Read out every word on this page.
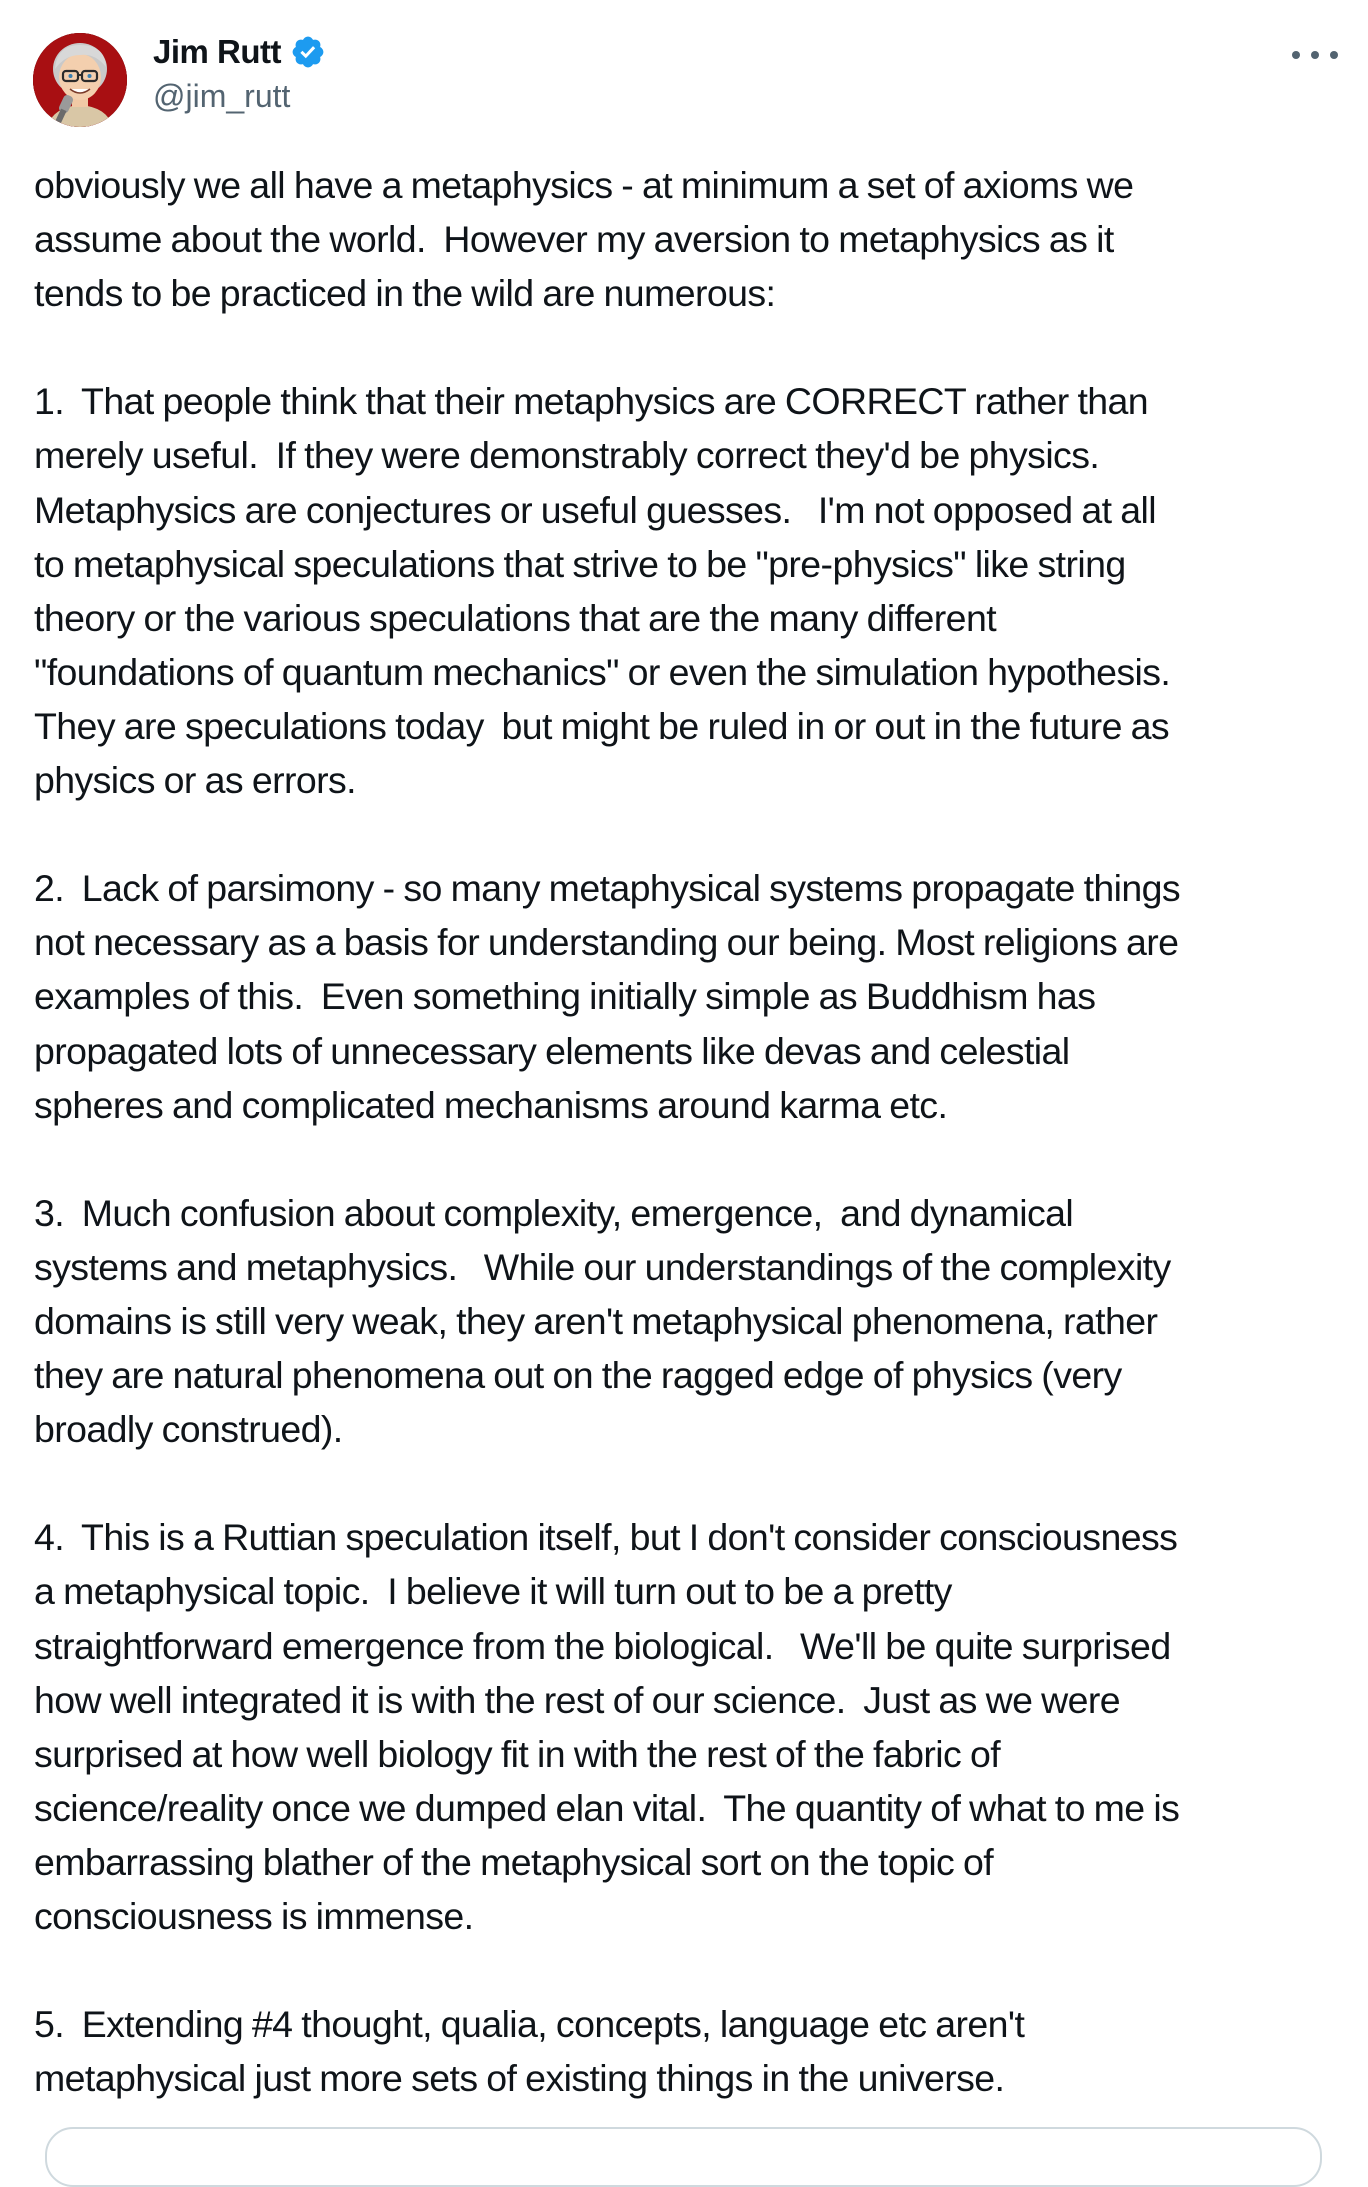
Jim Rutt
@jim_rutt
obviously we all have a metaphysics - at minimum a set of axioms we
assume about the world.  However my aversion to metaphysics as it
tends to be practiced in the wild are numerous:
1.  That people think that their metaphysics are CORRECT rather than
merely useful.  If they were demonstrably correct they'd be physics.
Metaphysics are conjectures or useful guesses.   I'm not opposed at all
to metaphysical speculations that strive to be "pre-physics" like string
theory or the various speculations that are the many different
"foundations of quantum mechanics" or even the simulation hypothesis.
They are speculations today  but might be ruled in or out in the future as
physics or as errors.
2.  Lack of parsimony - so many metaphysical systems propagate things
not necessary as a basis for understanding our being. Most religions are
examples of this.  Even something initially simple as Buddhism has
propagated lots of unnecessary elements like devas and celestial
spheres and complicated mechanisms around karma etc.
3.  Much confusion about complexity, emergence,  and dynamical
systems and metaphysics.   While our understandings of the complexity
domains is still very weak, they aren't metaphysical phenomena, rather
they are natural phenomena out on the ragged edge of physics (very
broadly construed).
4.  This is a Ruttian speculation itself, but I don't consider consciousness
a metaphysical topic.  I believe it will turn out to be a pretty
straightforward emergence from the biological.   We'll be quite surprised
how well integrated it is with the rest of our science.  Just as we were
surprised at how well biology fit in with the rest of the fabric of
science/reality once we dumped elan vital.  The quantity of what to me is
embarrassing blather of the metaphysical sort on the topic of
consciousness is immense.
5.  Extending #4 thought, qualia, concepts, language etc aren't
metaphysical just more sets of existing things in the universe.
